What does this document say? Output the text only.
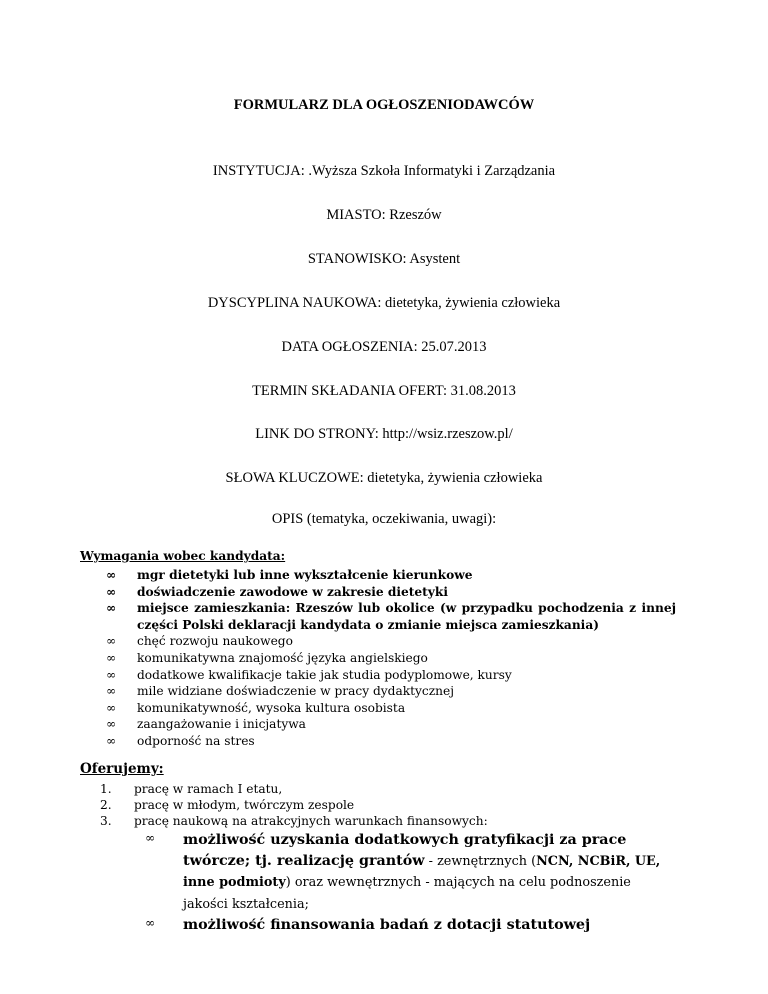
FORMULARZ DLA OGŁOSZENIODAWCÓW
INSTYTUCJA: .Wyższa Szkoła Informatyki i Zarządzania
MIASTO: Rzeszów
STANOWISKO: Asystent
DYSCYPLINA NAUKOWA: dietetyka, żywienia człowieka
DATA OGŁOSZENIA: 25.07.2013
TERMIN SKŁADANIA OFERT: 31.08.2013
LINK DO STRONY: http://wsiz.rzeszow.pl/
SŁOWA KLUCZOWE: dietetyka, żywienia człowieka
OPIS (tematyka, oczekiwania, uwagi):
Wymagania wobec kandydata:
∞ mgr dietetyki lub inne wykształcenie kierunkowe
∞ doświadczenie zawodowe w zakresie dietetyki
∞ miejsce zamieszkania: Rzeszów lub okolice (w przypadku pochodzenia z innej części Polski deklaracji kandydata o zmianie miejsca zamieszkania)
∞ chęć rozwoju naukowego
∞ komunikatywna znajomość języka angielskiego
∞ dodatkowe kwalifikacje takie jak studia podyplomowe, kursy
∞ mile widziane doświadczenie w pracy dydaktycznej
∞ komunikatywność, wysoka kultura osobista
∞ zaangażowanie i inicjatywa
∞ odporność na stres
Oferujemy:
1. pracę w ramach I etatu,
2. pracę w młodym, twórczym zespole
3. pracę naukową na atrakcyjnych warunkach finansowych:
∞ możliwość uzyskania dodatkowych gratyfikacji za prace twórcze; tj. realizację grantów - zewnętrznych (NCN, NCBiR, UE, inne podmioty) oraz wewnętrznych - mających na celu podnoszenie jakości kształcenia;
∞ możliwość finansowania badań z dotacji statutowej
